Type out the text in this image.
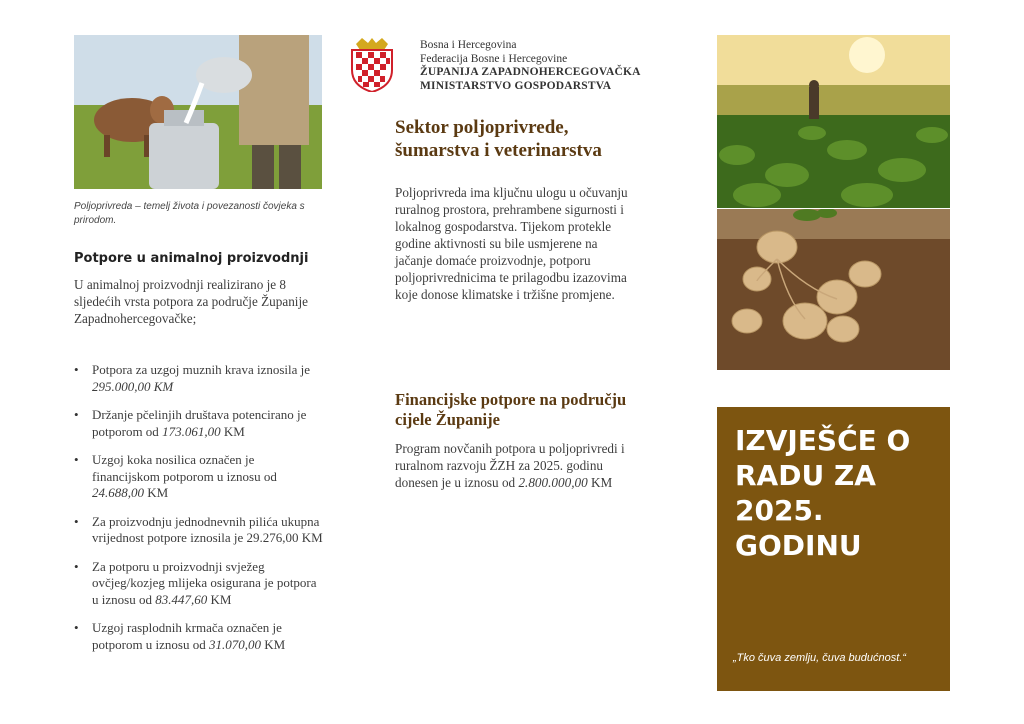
Poljoprivreda – temelj života i povezanosti čovjeka s prirodom.
Potpore u animalnoj proizvodnji
U animalnoj proizvodnji realizirano je 8 sljedećih vrsta potpora za područje Županije Zapadnohercegovačke;
• Potpora za uzgoj muznih krava iznosila je 295.000,00 KM
• Držanje pčelinjih društava potencirano je potporom od 173.061,00 KM
• Uzgoj koka nosilica označen je financijskom potporom u iznosu od 24.688,00 KM
• Za proizvodnju jednodnevnih pilića ukupna vrijednost potpore iznosila je 29.276,00 KM
• Za potporu u proizvodnji svježeg ovčjeg/kozjeg mlijeka osigurana je potpora u iznosu od 83.447,60 KM
• Uzgoj rasplodnih krmača označen je potporom u iznosu od 31.070,00 KM
Bosna i Hercegovina
Federacija Bosne i Hercegovine
ŽUPANIJA ZAPADNOHERCEGOVAČKA
MINISTARSTVO GOSPODARSTVA
Sektor poljoprivrede, šumarstva i veterinarstva
Poljoprivreda ima ključnu ulogu u očuvanju ruralnog prostora, prehrambene sigurnosti i lokalnog gospodarstva. Tijekom protekle godine aktivnosti su bile usmjerene na jačanje domaće proizvodnje, potporu poljoprivrednicima te prilagodbu izazovima koje donose klimatske i tržišne promjene.
Financijske potpore na području cijele Županije
Program novčanih potpora u poljoprivredi i ruralnom razvoju ŽZH za 2025. godinu donesen je u iznosu od 2.800.000,00 KM
IZVJEŠĆE O RADU ZA 2025. GODINU
„Tko čuva zemlju, čuva budućnost.“
